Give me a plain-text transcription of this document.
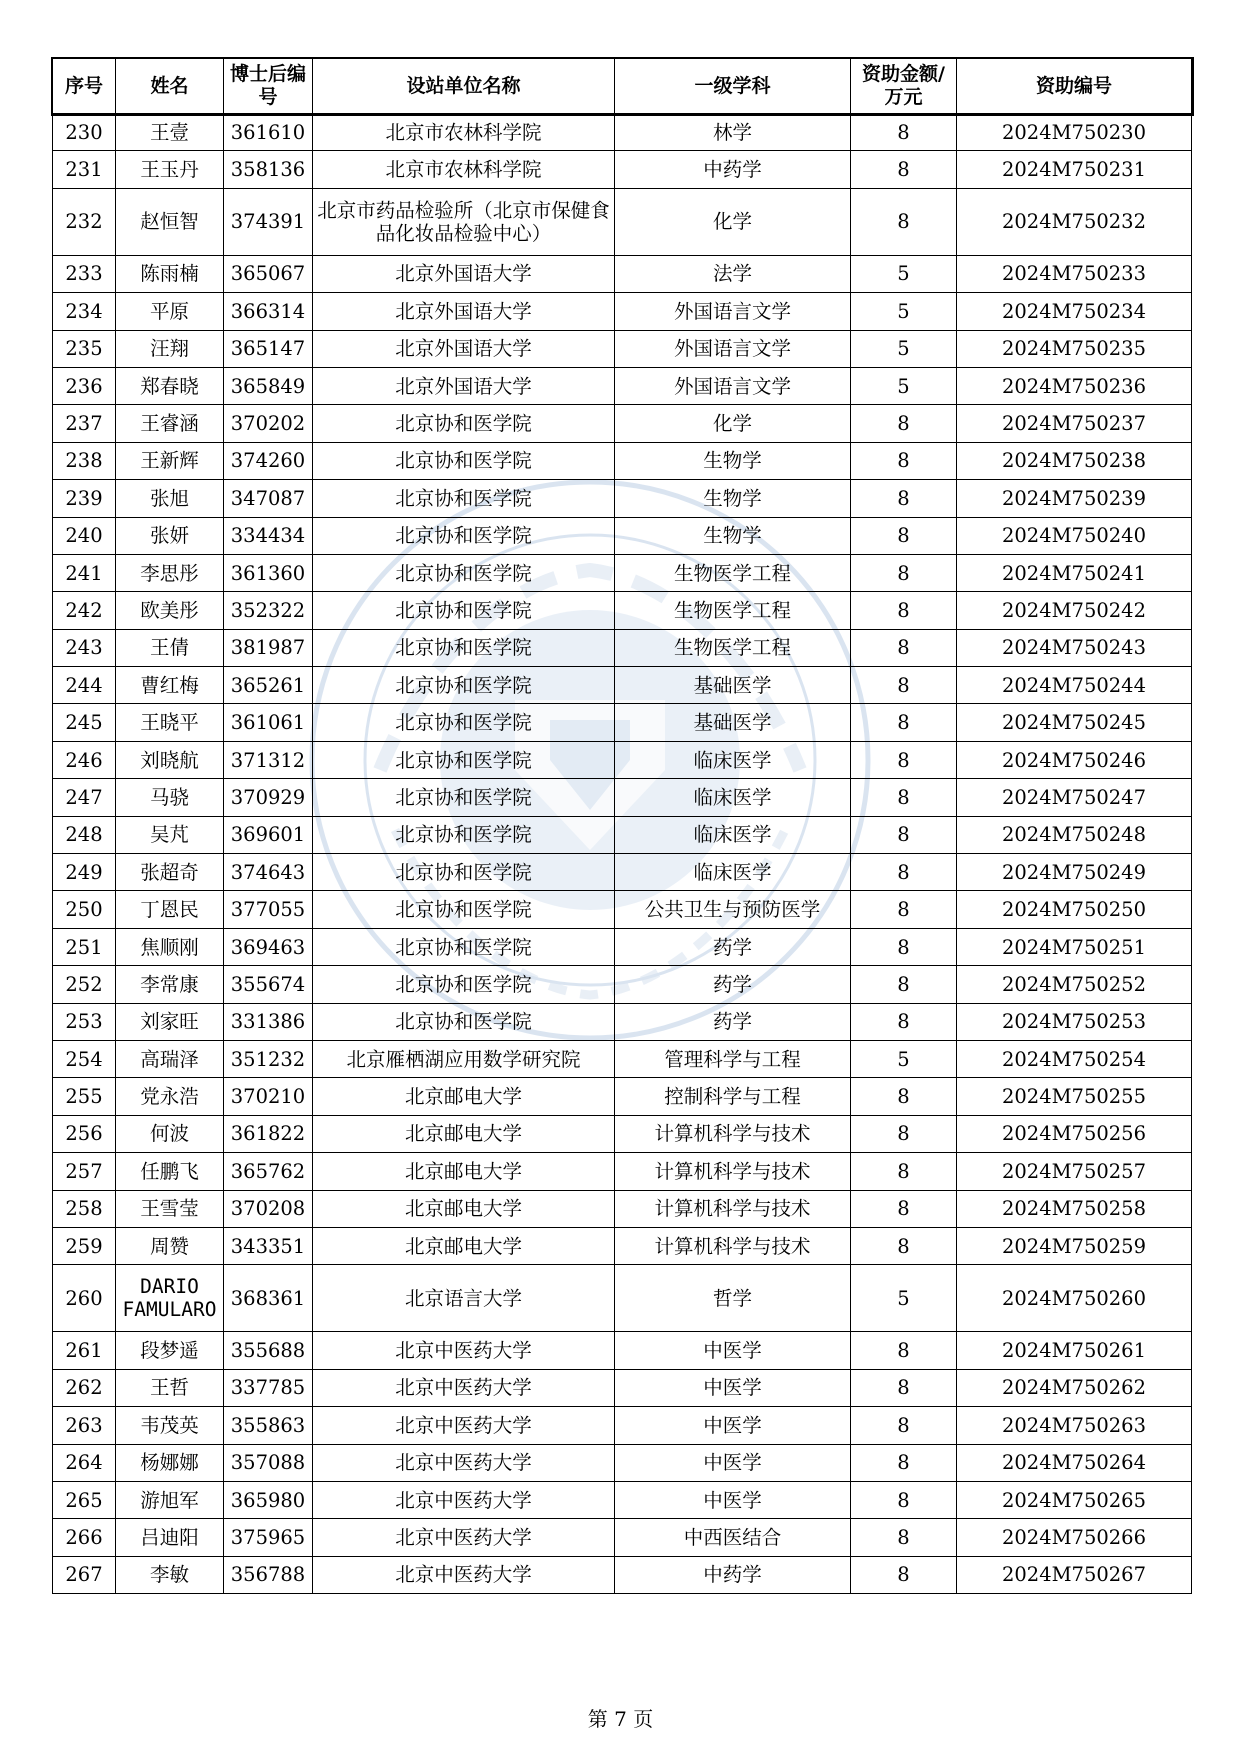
序号	姓名	博士后编号	设站单位名称	一级学科	资助金额/万元	资助编号
230	王壹	361610	北京市农林科学院	林学	8	2024M750230
231	王玉丹	358136	北京市农林科学院	中药学	8	2024M750231
232	赵恒智	374391	北京市药品检验所（北京市保健食品化妆品检验中心）	化学	8	2024M750232
233	陈雨楠	365067	北京外国语大学	法学	5	2024M750233
234	平原	366314	北京外国语大学	外国语言文学	5	2024M750234
235	汪翔	365147	北京外国语大学	外国语言文学	5	2024M750235
236	郑春晓	365849	北京外国语大学	外国语言文学	5	2024M750236
237	王睿涵	370202	北京协和医学院	化学	8	2024M750237
238	王新辉	374260	北京协和医学院	生物学	8	2024M750238
239	张旭	347087	北京协和医学院	生物学	8	2024M750239
240	张妍	334434	北京协和医学院	生物学	8	2024M750240
241	李思彤	361360	北京协和医学院	生物医学工程	8	2024M750241
242	欧美彤	352322	北京协和医学院	生物医学工程	8	2024M750242
243	王倩	381987	北京协和医学院	生物医学工程	8	2024M750243
244	曹红梅	365261	北京协和医学院	基础医学	8	2024M750244
245	王晓平	361061	北京协和医学院	基础医学	8	2024M750245
246	刘晓航	371312	北京协和医学院	临床医学	8	2024M750246
247	马骁	370929	北京协和医学院	临床医学	8	2024M750247
248	吴芃	369601	北京协和医学院	临床医学	8	2024M750248
249	张超奇	374643	北京协和医学院	临床医学	8	2024M750249
250	丁恩民	377055	北京协和医学院	公共卫生与预防医学	8	2024M750250
251	焦顺刚	369463	北京协和医学院	药学	8	2024M750251
252	李常康	355674	北京协和医学院	药学	8	2024M750252
253	刘家旺	331386	北京协和医学院	药学	8	2024M750253
254	高瑞泽	351232	北京雁栖湖应用数学研究院	管理科学与工程	5	2024M750254
255	党永浩	370210	北京邮电大学	控制科学与工程	8	2024M750255
256	何波	361822	北京邮电大学	计算机科学与技术	8	2024M750256
257	任鹏飞	365762	北京邮电大学	计算机科学与技术	8	2024M750257
258	王雪莹	370208	北京邮电大学	计算机科学与技术	8	2024M750258
259	周赞	343351	北京邮电大学	计算机科学与技术	8	2024M750259
260	DARIO FAMULARO	368361	北京语言大学	哲学	5	2024M750260
261	段梦遥	355688	北京中医药大学	中医学	8	2024M750261
262	王哲	337785	北京中医药大学	中医学	8	2024M750262
263	韦茂英	355863	北京中医药大学	中医学	8	2024M750263
264	杨娜娜	357088	北京中医药大学	中医学	8	2024M750264
265	游旭军	365980	北京中医药大学	中医学	8	2024M750265
266	吕迪阳	375965	北京中医药大学	中西医结合	8	2024M750266
267	李敏	356788	北京中医药大学	中药学	8	2024M750267
第 7 页
